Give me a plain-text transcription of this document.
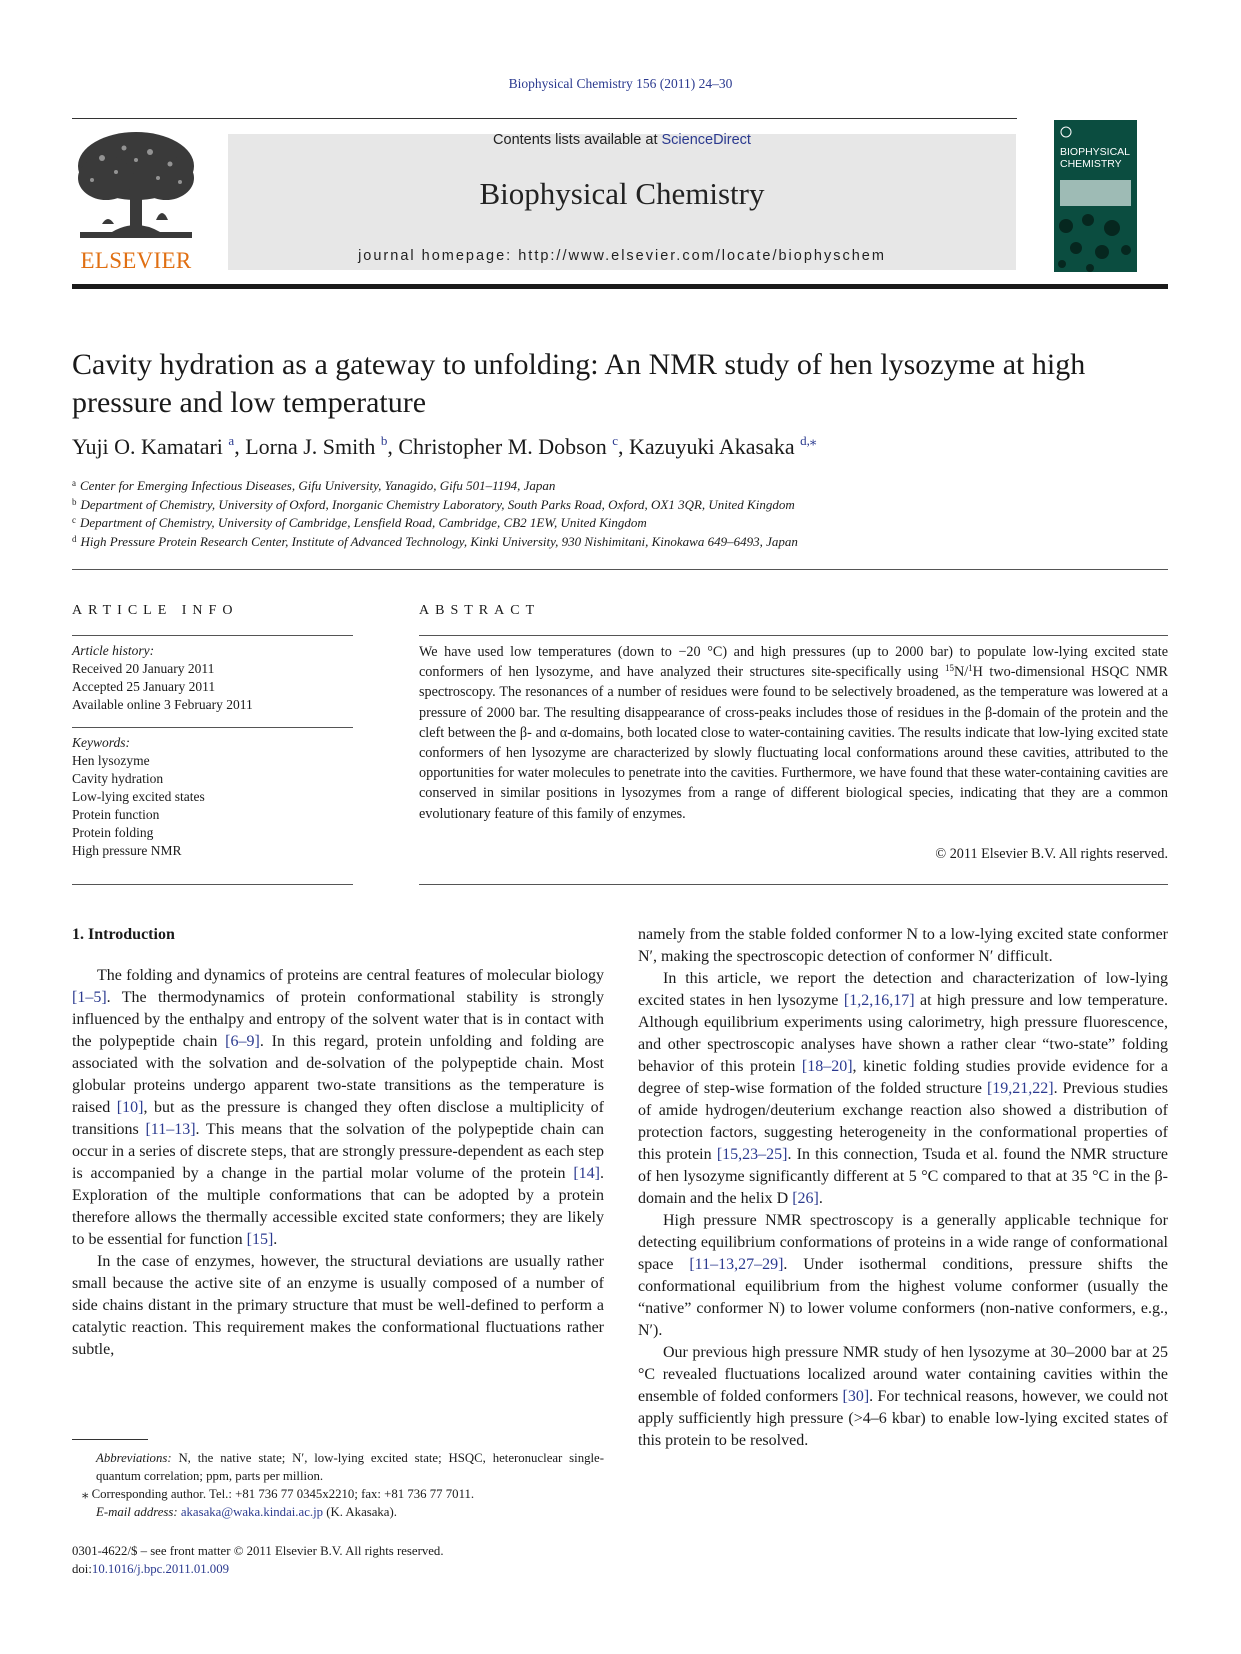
Biophysical Chemistry 156 (2011) 24–30
ELSEVIER
Contents lists available at ScienceDirect
Biophysical Chemistry
journal homepage: http://www.elsevier.com/locate/biophyschem
BIOPHYSICAL
CHEMISTRY
Cavity hydration as a gateway to unfolding: An NMR study of hen lysozyme at high pressure and low temperature
Yuji O. Kamatari $^a$, Lorna J. Smith $^b$, Christopher M. Dobson $^c$, Kazuyuki Akasaka $^{d,⁎}$
$^a$ Center for Emerging Infectious Diseases, Gifu University, Yanagido, Gifu 501–1194, Japan
$^b$ Department of Chemistry, University of Oxford, Inorganic Chemistry Laboratory, South Parks Road, Oxford, OX1 3QR, United Kingdom
$^c$ Department of Chemistry, University of Cambridge, Lensfield Road, Cambridge, CB2 1EW, United Kingdom
$^d$ High Pressure Protein Research Center, Institute of Advanced Technology, Kinki University, 930 Nishimitani, Kinokawa 649–6493, Japan
ARTICLE INFO
Article history:
Received 20 January 2011
Accepted 25 January 2011
Available online 3 February 2011
Keywords:
Hen lysozyme
Cavity hydration
Low-lying excited states
Protein function
Protein folding
High pressure NMR
ABSTRACT

We have used low temperatures (down to −20 °C) and high pressures (up to 2000 bar) to populate low-lying excited state conformers of hen lysozyme, and have analyzed their structures site-specifically using $^{15}$N/$^1$H two-dimensional HSQC NMR spectroscopy. The resonances of a number of residues were found to be selectively broadened, as the temperature was lowered at a pressure of 2000 bar. The resulting disappearance of cross-peaks includes those of residues in the β-domain of the protein and the cleft between the β- and α-domains, both located close to water-containing cavities. The results indicate that low-lying excited state conformers of hen lysozyme are characterized by slowly fluctuating local conformations around these cavities, attributed to the opportunities for water molecules to penetrate into the cavities. Furthermore, we have found that these water-containing cavities are conserved in similar positions in lysozymes from a range of different biological species, indicating that they are a common evolutionary feature of this family of enzymes.

© 2011 Elsevier B.V. All rights reserved.
1. Introduction

The folding and dynamics of proteins are central features of molecular biology [1–5]. The thermodynamics of protein conformational stability is strongly influenced by the enthalpy and entropy of the solvent water that is in contact with the polypeptide chain [6–9]. In this regard, protein unfolding and folding are associated with the solvation and de-solvation of the polypeptide chain. Most globular proteins undergo apparent two-state transitions as the temperature is raised [10], but as the pressure is changed they often disclose a multiplicity of transitions [11–13]. This means that the solvation of the polypeptide chain can occur in a series of discrete steps, that are strongly pressure-dependent as each step is accompanied by a change in the partial molar volume of the protein [14]. Exploration of the multiple conformations that can be adopted by a protein therefore allows the thermally accessible excited state conformers; they are likely to be essential for function [15].

In the case of enzymes, however, the structural deviations are usually rather small because the active site of an enzyme is usually composed of a number of side chains distant in the primary structure that must be well-defined to perform a catalytic reaction. This requirement makes the conformational fluctuations rather subtle,

namely from the stable folded conformer N to a low-lying excited state conformer N′, making the spectroscopic detection of conformer N′ difficult.

In this article, we report the detection and characterization of low-lying excited states in hen lysozyme [1,2,16,17] at high pressure and low temperature. Although equilibrium experiments using calorimetry, high pressure fluorescence, and other spectroscopic analyses have shown a rather clear “two-state” folding behavior of this protein [18–20], kinetic folding studies provide evidence for a degree of step-wise formation of the folded structure [19,21,22]. Previous studies of amide hydrogen/deuterium exchange reaction also showed a distribution of protection factors, suggesting heterogeneity in the conformational properties of this protein [15,23–25]. In this connection, Tsuda et al. found the NMR structure of hen lysozyme significantly different at 5 °C compared to that at 35 °C in the β-domain and the helix D [26].

High pressure NMR spectroscopy is a generally applicable technique for detecting equilibrium conformations of proteins in a wide range of conformational space [11–13,27–29]. Under isothermal conditions, pressure shifts the conformational equilibrium from the highest volume conformer (usually the “native” conformer N) to lower volume conformers (non-native conformers, e.g., N′).

Our previous high pressure NMR study of hen lysozyme at 30–2000 bar at 25 °C revealed fluctuations localized around water containing cavities within the ensemble of folded conformers [30]. For technical reasons, however, we could not apply sufficiently high pressure (>4–6 kbar) to enable low-lying excited states of this protein to be resolved.

Abbreviations: N, the native state; N′, low-lying excited state; HSQC, heteronuclear single-quantum correlation; ppm, parts per million.

⁎ Corresponding author. Tel.: +81 736 77 0345x2210; fax: +81 736 77 7011.

E-mail address: akasaka@waka.kindai.ac.jp (K. Akasaka).

0301-4622/$ – see front matter © 2011 Elsevier B.V. All rights reserved.
doi:10.1016/j.bpc.2011.01.009
